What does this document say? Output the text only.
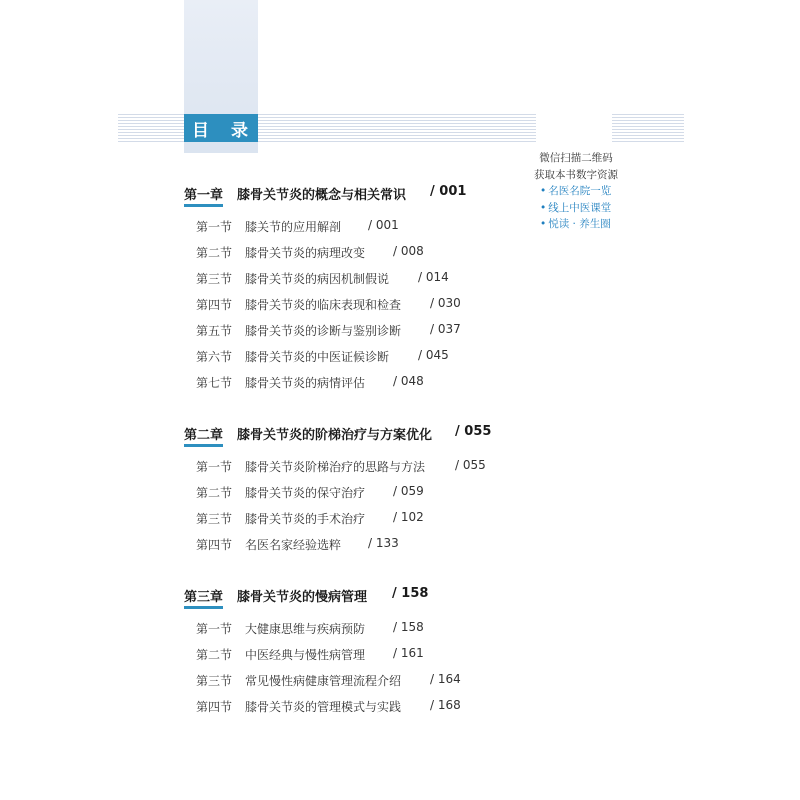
目 录
微信扫描二维码
获取本书数字资源
• 名医名院一览
• 线上中医课堂
• 悦读 · 养生圈
第一章 膝骨关节炎的概念与相关常识 / 001
第一节 膝关节的应用解剖 / 001
第二节 膝骨关节炎的病理改变 / 008
第三节 膝骨关节炎的病因机制假说 / 014
第四节 膝骨关节炎的临床表现和检查 / 030
第五节 膝骨关节炎的诊断与鉴别诊断 / 037
第六节 膝骨关节炎的中医证候诊断 / 045
第七节 膝骨关节炎的病情评估 / 048
第二章 膝骨关节炎的阶梯治疗与方案优化 / 055
第一节 膝骨关节炎阶梯治疗的思路与方法 / 055
第二节 膝骨关节炎的保守治疗 / 059
第三节 膝骨关节炎的手术治疗 / 102
第四节 名医名家经验选粹 / 133
第三章 膝骨关节炎的慢病管理 / 158
第一节 大健康思维与疾病预防 / 158
第二节 中医经典与慢性病管理 / 161
第三节 常见慢性病健康管理流程介绍 / 164
第四节 膝骨关节炎的管理模式与实践 / 168
